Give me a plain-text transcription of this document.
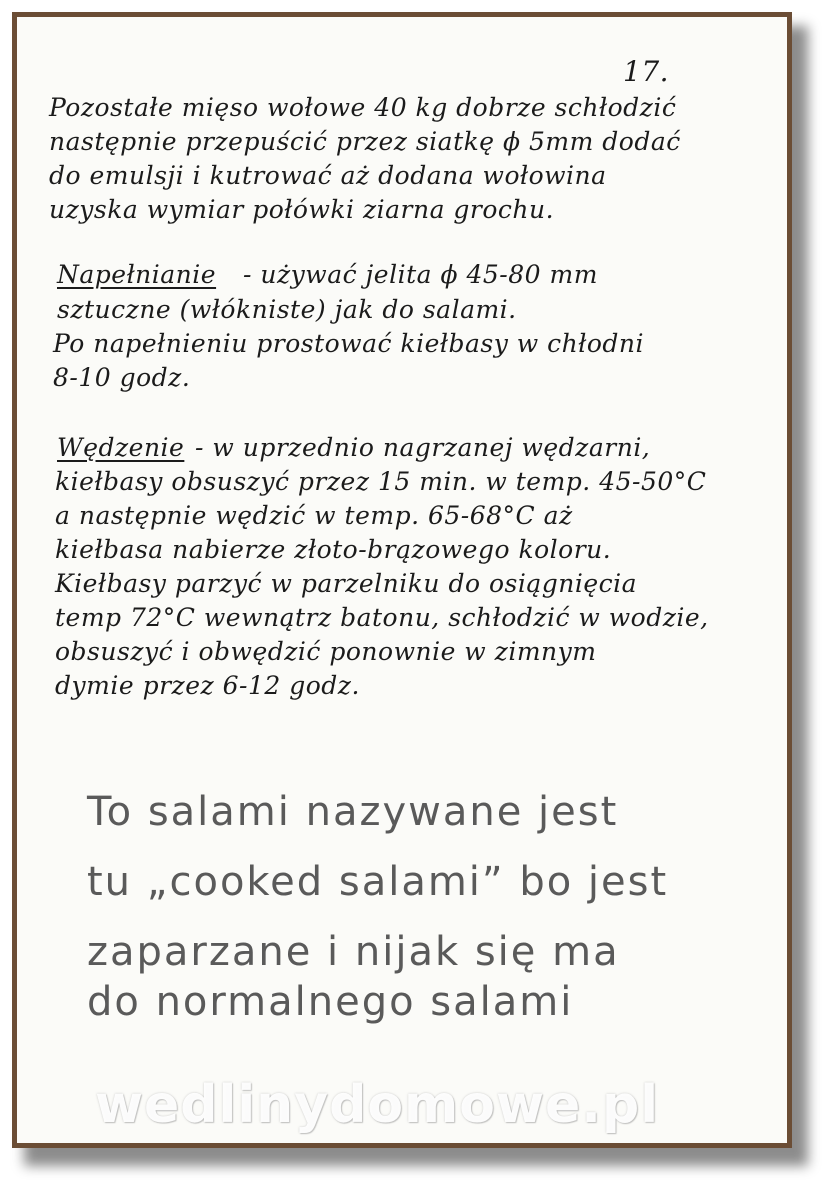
17.
Pozostałe mięso wołowe 40 kg dobrze schłodzić
następnie przepuścić przez siatkę ϕ 5mm dodać
do emulsji i kutrować aż dodana wołowina
uzyska wymiar połówki ziarna grochu.
Napełnianie - używać jelita ϕ 45-80 mm
sztuczne (włókniste) jak do salami.
Po napełnieniu prostować kiełbasy w chłodni
8-10 godz.
Wędzenie - w uprzednio nagrzanej wędzarni,
kiełbasy obsuszyć przez 15 min. w temp. 45-50°C
a następnie wędzić w temp. 65-68°C aż
kiełbasa nabierze złoto-brązowego koloru.
Kiełbasy parzyć w parzelniku do osiągnięcia
temp 72°C wewnątrz batonu, schłodzić w wodzie,
obsuszyć i obwędzić ponownie w zimnym
dymie przez 6-12 godz.
To salami nazywane jest
tu „cooked salami” bo jest
zaparzane i nijak się ma
do normalnego salami
wedlinydomowe.pl
